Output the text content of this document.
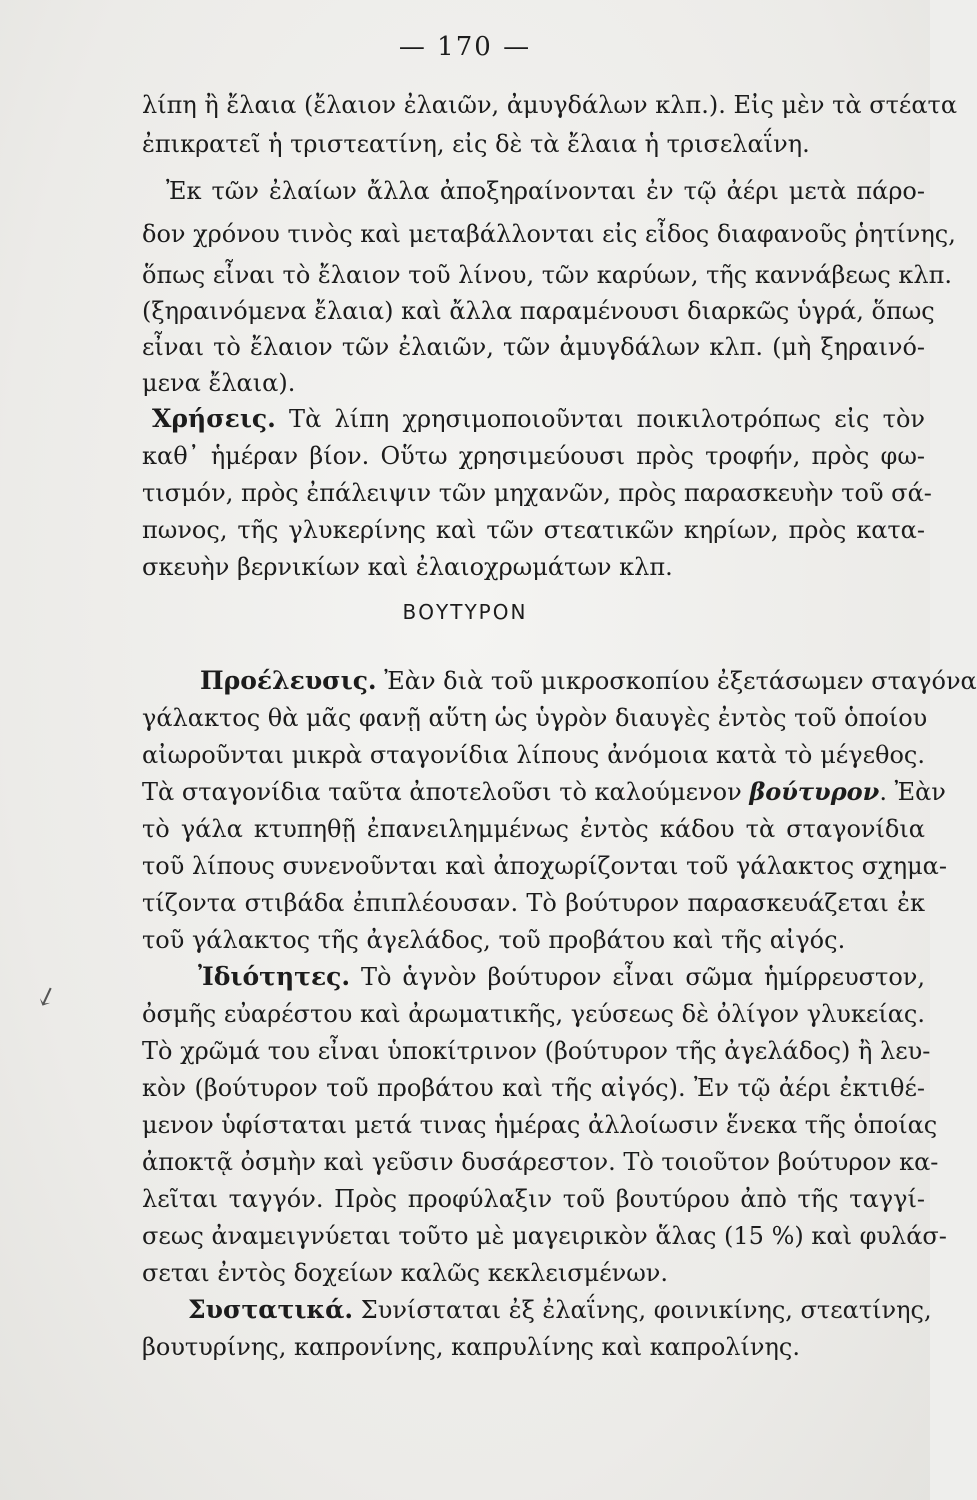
— 170 —
↙
λίπη ἢ ἔλαια (ἔλαιον ἐλαιῶν, ἀμυγδάλων κλπ.). Εἰς μὲν τὰ στέατα
ἐπικρατεῖ ἡ τριστεατίνη, εἰς δὲ τὰ ἔλαια ἡ τρισελαΐνη.
Ἐκ τῶν ἐλαίων ἄλλα ἀποξηραίνονται ἐν τῷ ἀέρι μετὰ πάρο-
δον χρόνου τινὸς καὶ μεταβάλλονται εἰς εἶδος διαφανοῦς ῥητίνης,
ὅπως εἶναι τὸ ἔλαιον τοῦ λίνου, τῶν καρύων, τῆς καννάβεως κλπ.
(ξηραινόμενα ἔλαια) καὶ ἄλλα παραμένουσι διαρκῶς ὑγρά, ὅπως
εἶναι τὸ ἔλαιον τῶν ἐλαιῶν, τῶν ἀμυγδάλων κλπ. (μὴ ξηραινό-
μενα ἔλαια).
Χρήσεις. Τὰ λίπη χρησιμοποιοῦνται ποικιλοτρόπως εἰς τὸν
καθ᾽ ἡμέραν βίον. Οὕτω χρησιμεύουσι πρὸς τροφήν, πρὸς φω-
τισμόν, πρὸς ἐπάλειψιν τῶν μηχανῶν, πρὸς παρασκευὴν τοῦ σά-
πωνος, τῆς γλυκερίνης καὶ τῶν στεατικῶν κηρίων, πρὸς κατα-
σκευὴν βερνικίων καὶ ἐλαιοχρωμάτων κλπ.
ΒΟΥΤΥΡΟΝ
Προέλευσις. Ἐὰν διὰ τοῦ μικροσκοπίου ἐξετάσωμεν σταγόνα
γάλακτος θὰ μᾶς φανῇ αὕτη ὡς ὑγρὸν διαυγὲς ἐντὸς τοῦ ὁποίου
αἰωροῦνται μικρὰ σταγονίδια λίπους ἀνόμοια κατὰ τὸ μέγεθος.
Τὰ σταγονίδια ταῦτα ἀποτελοῦσι τὸ καλούμενον βούτυρον. Ἐὰν
τὸ γάλα κτυπηθῇ ἐπανειλημμένως ἐντὸς κάδου τὰ σταγονίδια
τοῦ λίπους συνενοῦνται καὶ ἀποχωρίζονται τοῦ γάλακτος σχημα-
τίζοντα στιβάδα ἐπιπλέουσαν. Τὸ βούτυρον παρασκευάζεται ἐκ
τοῦ γάλακτος τῆς ἀγελάδος, τοῦ προβάτου καὶ τῆς αἰγός.
Ἰδιότητες. Τὸ ἁγνὸν βούτυρον εἶναι σῶμα ἡμίρρευστον,
ὀσμῆς εὐαρέστου καὶ ἀρωματικῆς, γεύσεως δὲ ὀλίγον γλυκείας.
Τὸ χρῶμά του εἶναι ὑποκίτρινον (βούτυρον τῆς ἀγελάδος) ἢ λευ-
κὸν (βούτυρον τοῦ προβάτου καὶ τῆς αἰγός). Ἐν τῷ ἀέρι ἐκτιθέ-
μενον ὑφίσταται μετά τινας ἡμέρας ἀλλοίωσιν ἕνεκα τῆς ὁποίας
ἀποκτᾷ ὀσμὴν καὶ γεῦσιν δυσάρεστον. Τὸ τοιοῦτον βούτυρον κα-
λεῖται ταγγόν. Πρὸς προφύλαξιν τοῦ βουτύρου ἀπὸ τῆς ταγγί-
σεως ἀναμειγνύεται τοῦτο μὲ μαγειρικὸν ἅλας (15 %) καὶ φυλάσ-
σεται ἐντὸς δοχείων καλῶς κεκλεισμένων.
Συστατικά. Συνίσταται ἐξ ἐλαΐνης, φοινικίνης, στεατίνης,
βουτυρίνης, καπρονίνης, καπρυλίνης καὶ καπρολίνης.
